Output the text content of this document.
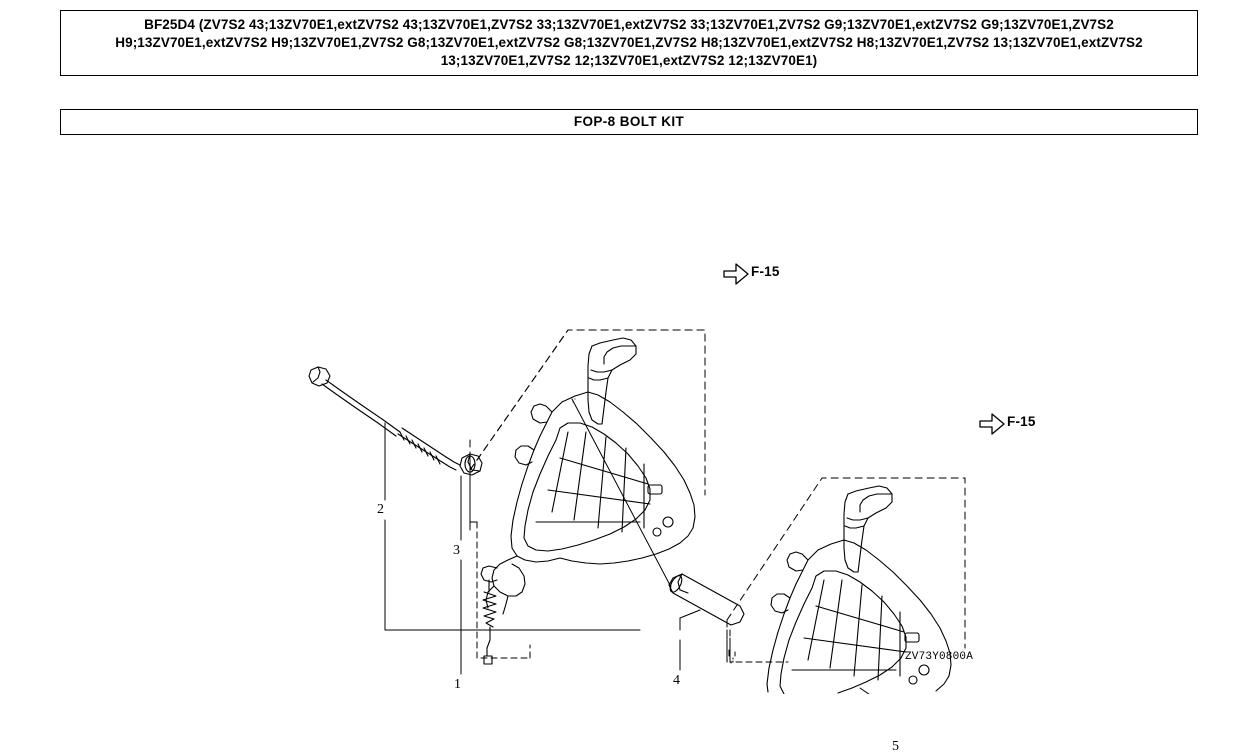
BF25D4 (ZV7S2 43;13ZV70E1,extZV7S2 43;13ZV70E1,ZV7S2 33;13ZV70E1,extZV7S2 33;13ZV70E1,ZV7S2 G9;13ZV70E1,extZV7S2 G9;13ZV70E1,ZV7S2 H9;13ZV70E1,extZV7S2 H9;13ZV70E1,ZV7S2 G8;13ZV70E1,extZV7S2 G8;13ZV70E1,ZV7S2 H8;13ZV70E1,extZV7S2 H8;13ZV70E1,ZV7S2 13;13ZV70E1,extZV7S2 13;13ZV70E1,ZV7S2 12;13ZV70E1,extZV7S2 12;13ZV70E1)
FOP-8 BOLT KIT
F-15
F-15
2
3
1	4
5
ZV73Y0800A
